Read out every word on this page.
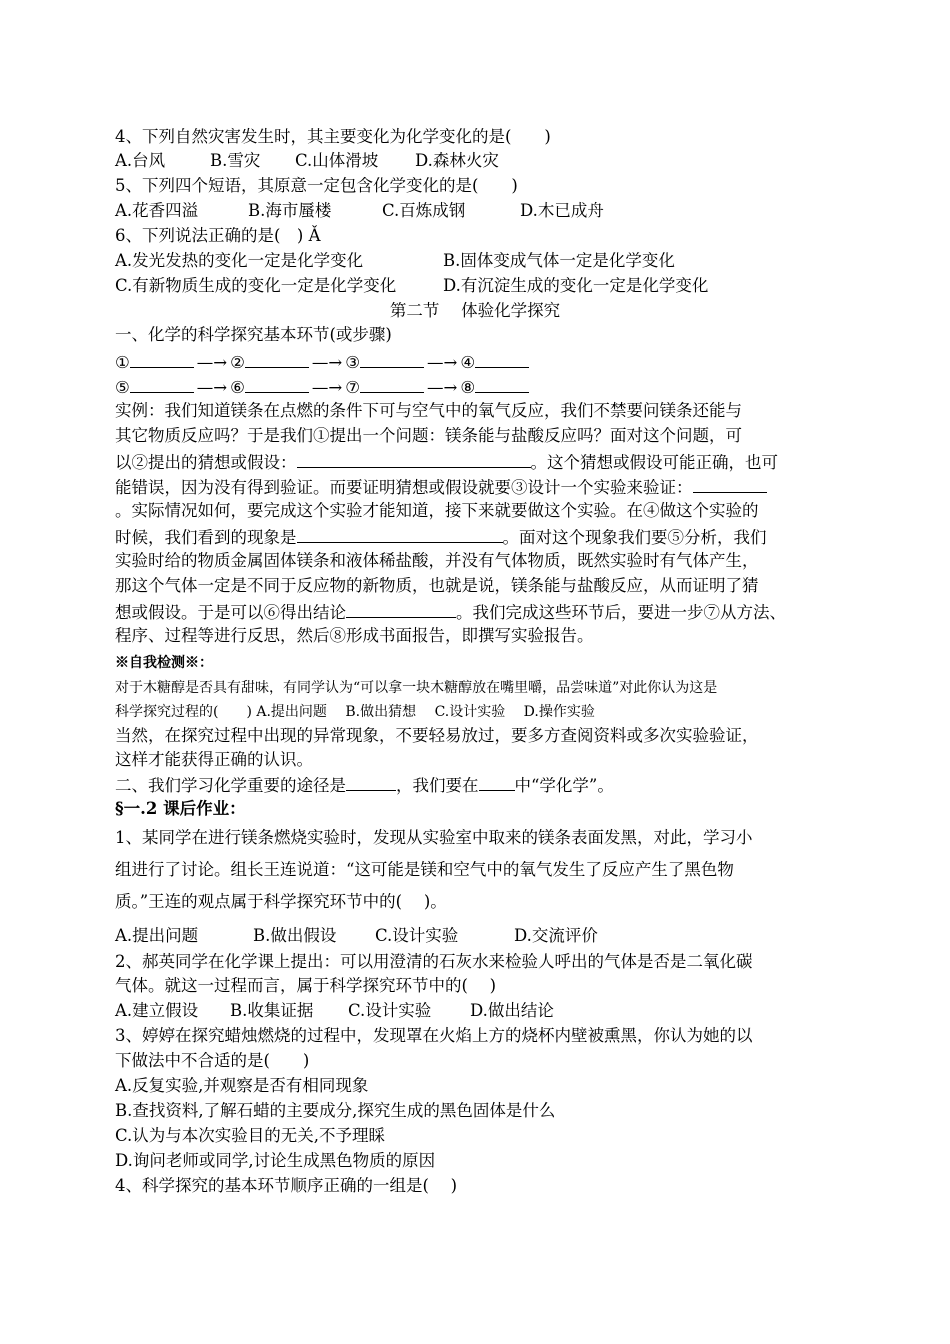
4、下列自然灾害发生时，其主要变化为化学变化的是(　　)
A.台风	B.雪灾 C.山体滑坡 D.森林火灾
5、下列四个短语，其原意一定包含化学变化的是(　　)
A.花香四溢	B.海市蜃楼	C.百炼成钢	D.木已成舟
6、下列说法正确的是(　) Ǎ
A.发光发热的变化一定是化学变化	B.固体变成气体一定是化学变化
C.有新物质生成的变化一定是化学变化	D.有沉淀生成的变化一定是化学变化
第二节　 体验化学探究
一、化学的科学探究基本环节(或步骤)
①	—→ ②	—→ ③	—→ ④
⑤	—→ ⑥	—→ ⑦	—→ ⑧
实例：我们知道镁条在点燃的条件下可与空气中的氧气反应，我们不禁要问镁条还能与
其它物质反应吗？于是我们①提出一个问题：镁条能与盐酸反应吗？面对这个问题，可
以②提出的猜想或假设：	。这个猜想或假设可能正确，也可
能错误，因为没有得到验证。而要证明猜想或假设就要③设计一个实验来验证：
。实际情况如何，要完成这个实验才能知道，接下来就要做这个实验。在④做这个实验的
时候，我们看到的现象是	。面对这个现象我们要⑤分析，我们
实验时给的物质金属固体镁条和液体稀盐酸，并没有气体物质，既然实验时有气体产生，
那这个气体一定是不同于反应物的新物质，也就是说，镁条能与盐酸反应，从而证明了猜
想或假设。于是可以⑥得出结论	。我们完成这些环节后，要进一步⑦从方法、
程序、过程等进行反思，然后⑧形成书面报告，即撰写实验报告。
※自我检测※：
对于木糖醇是否具有甜味，有同学认为“可以拿一块木糖醇放在嘴里嚼，品尝味道”对此你认为这是
科学探究过程的(　　) A.提出问题　 B.做出猜想　 C.设计实验　 D.操作实验
当然，在探究过程中出现的异常现象，不要轻易放过，要多方查阅资料或多次实验验证，
这样才能获得正确的认识。
二、我们学习化学重要的途径是	，我们要在 中“学化学”。
§一.2 课后作业：
1、某同学在进行镁条燃烧实验时，发现从实验室中取来的镁条表面发黑，对此，学习小
组进行了讨论。组长王连说道：“这可能是镁和空气中的氧气发生了反应产生了黑色物
质。”王连的观点属于科学探究环节中的(　 )。
A.提出问题	B.做出假设 C.设计实验	D.交流评价
2、郝英同学在化学课上提出：可以用澄清的石灰水来检验人呼出的气体是否是二氧化碳
气体。就这一过程而言，属于科学探究环节中的(　 )
A.建立假设 B.收集证据 C.设计实验 D.做出结论
3、婷婷在探究蜡烛燃烧的过程中，发现罩在火焰上方的烧杯内壁被熏黑，你认为她的以
下做法中不合适的是(　　)
A.反复实验,并观察是否有相同现象
B.查找资料,了解石蜡的主要成分,探究生成的黑色固体是什么
C.认为与本次实验目的无关,不予理睬
D.询问老师或同学,讨论生成黑色物质的原因
4、科学探究的基本环节顺序正确的一组是(　 )
